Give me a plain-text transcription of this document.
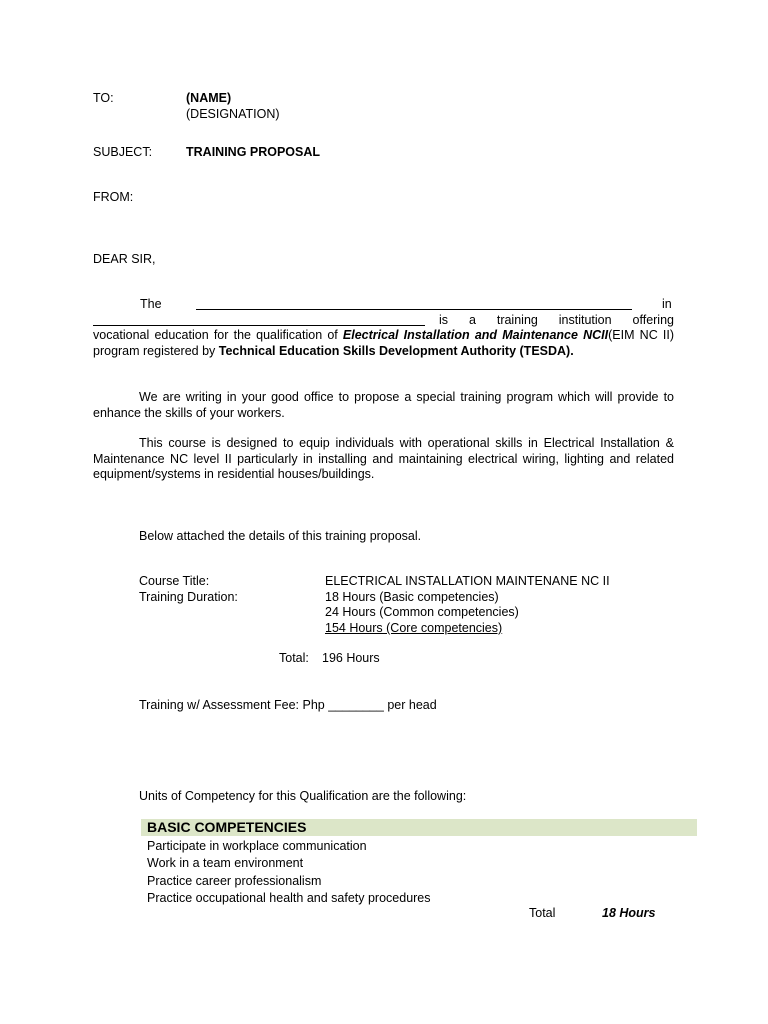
TO:	(NAME)
(DESIGNATION)
SUBJECT:	TRAINING PROPOSAL
FROM:
DEAR SIR,
The	in
is a training institution offering
vocational education for the qualification of Electrical Installation and Maintenance NCII(EIM NC II) program registered by Technical Education Skills Development Authority (TESDA).
We are writing in your good office to propose a special training program which will provide to enhance the skills of your workers.
This course is designed to equip individuals with operational skills in Electrical Installation & Maintenance NC level II particularly in installing and maintaining electrical wiring, lighting and related equipment/systems in residential houses/buildings.
Below attached the details of this training proposal.
Course Title:	ELECTRICAL INSTALLATION MAINTENANE NC II
Training Duration:	18 Hours (Basic competencies)
24 Hours (Common competencies)
154 Hours (Core competencies)
Total: 196 Hours
Training w/ Assessment Fee: Php ________ per head
Units of Competency for this Qualification are the following:
BASIC COMPETENCIES
Participate in workplace communication
Work in a team environment
Practice career professionalism
Practice occupational health and safety procedures
Total	18 Hours
